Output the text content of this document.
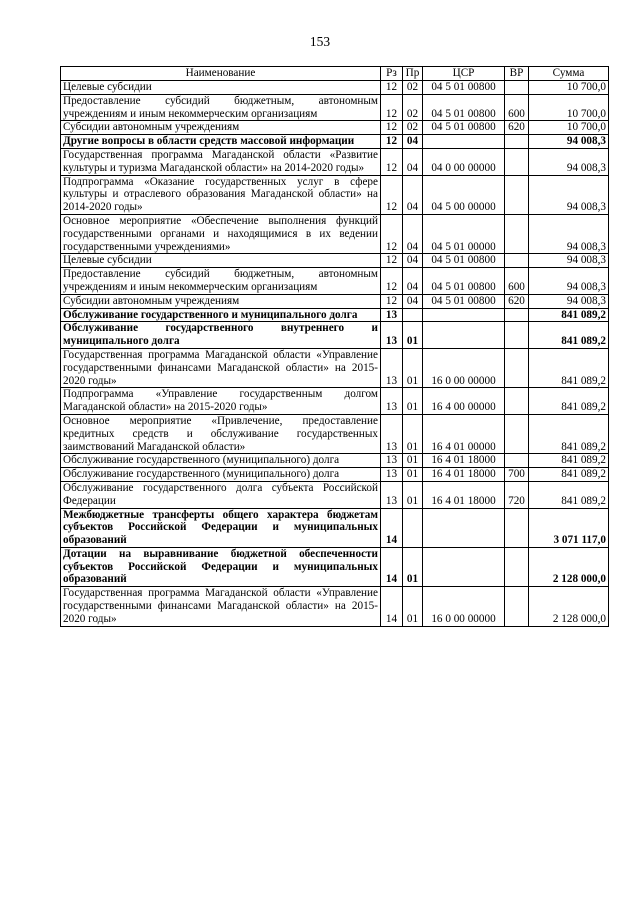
153
Наименование	Рз	Пр	ЦСР	ВР	Сумма
Целевые субсидии	12	02	04 5 01 00800		10 700,0
Предоставление субсидий бюджетным, автономным учреждениям и иным некоммерческим организациям	12	02	04 5 01 00800	600	10 700,0
Субсидии автономным учреждениям	12	02	04 5 01 00800	620	10 700,0
Другие вопросы в области средств массовой информации	12	04			94 008,3
Государственная программа Магаданской области «Развитие культуры и туризма Магаданской области» на 2014-2020 годы»	12	04	04 0 00 00000		94 008,3
Подпрограмма «Оказание государственных услуг в сфере культуры и отраслевого образования Магаданской области» на 2014-2020 годы»	12	04	04 5 00 00000		94 008,3
Основное мероприятие «Обеспечение выполнения функций государственными органами и находящимися в их ведении государственными учреждениями»	12	04	04 5 01 00000		94 008,3
Целевые субсидии	12	04	04 5 01 00800		94 008,3
Предоставление субсидий бюджетным, автономным учреждениям и иным некоммерческим организациям	12	04	04 5 01 00800	600	94 008,3
Субсидии автономным учреждениям	12	04	04 5 01 00800	620	94 008,3
Обслуживание государственного и муниципального долга	13				841 089,2
Обслуживание государственного внутреннего и муниципального долга	13	01			841 089,2
Государственная программа Магаданской области «Управление государственными финансами Магаданской области» на 2015-2020 годы»	13	01	16 0 00 00000		841 089,2
Подпрограмма «Управление государственным долгом Магаданской области» на 2015-2020 годы»	13	01	16 4 00 00000		841 089,2
Основное мероприятие «Привлечение, предоставление кредитных средств и обслуживание государственных заимствований Магаданской области»	13	01	16 4 01 00000		841 089,2
Обслуживание государственного (муниципального) долга	13	01	16 4 01 18000		841 089,2
Обслуживание государственного (муниципального) долга	13	01	16 4 01 18000	700	841 089,2
Обслуживание государственного долга субъекта Российской Федерации	13	01	16 4 01 18000	720	841 089,2
Межбюджетные трансферты общего характера бюджетам субъектов Российской Федерации и муниципальных образований	14				3 071 117,0
Дотации на выравнивание бюджетной обеспеченности субъектов Российской Федерации и муниципальных образований	14	01			2 128 000,0
Государственная программа Магаданской области «Управление государственными финансами Магаданской области» на 2015-2020 годы»	14	01	16 0 00 00000		2 128 000,0
